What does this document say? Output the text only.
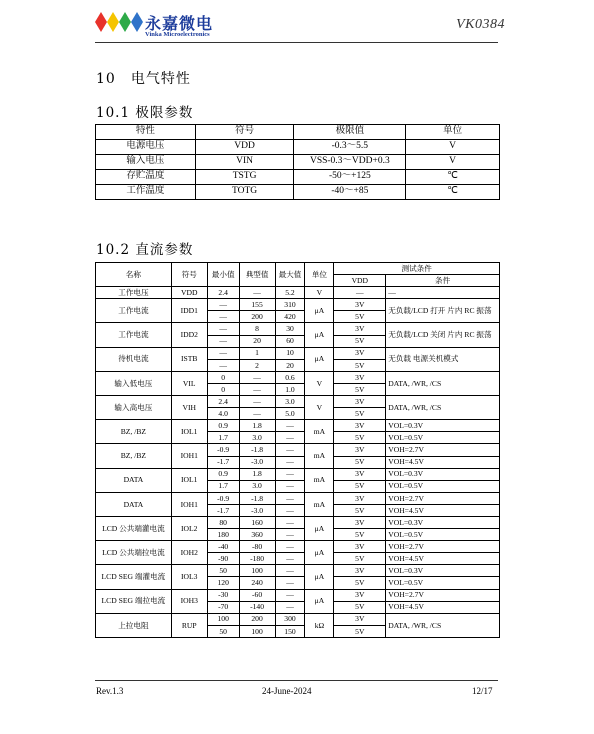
永嘉微电
Vinka Microelectronics
VK0384
10　电气特性
10.1 极限参数
特性	符号	极限值	单位
电源电压	VDD	-0.3～5.5	V
输入电压	VIN	VSS-0.3～VDD+0.3	V
存贮温度	TSTG	-50～+125	℃
工作温度	TOTG	-40～+85	℃
10.2 直流参数
名称	符号	最小值	典型值	最大值	单位	测试条件	
						VDD	条件
工作电压	VDD	2.4	—	5.2	V	—	—
工作电流	IDD1	—	155	310	μA	3V	无负载/LCD 打开 片内 RC 振荡
		—	200	420		5V	
工作电流	IDD2	—	8	30	μA	3V	无负载/LCD 关闭 片内 RC 振荡
		—	20	60		5V	
待机电流	ISTB	—	1	10	μA	3V	无负载 电源关机模式
		—	2	20		5V	
输入低电压	VIL	0	—	0.6	V	3V	DATA, /WR, /CS
		0	—	1.0		5V	
输入高电压	VIH	2.4	—	3.0	V	3V	DATA, /WR, /CS
		4.0	—	5.0		5V	
BZ, /BZ	IOL1	0.9	1.8	—	mA	3V	VOL=0.3V
		1.7	3.0	—		5V	VOL=0.5V
BZ, /BZ	IOH1	-0.9	-1.8	—	mA	3V	VOH=2.7V
		-1.7	-3.0	—		5V	VOH=4.5V
DATA	IOL1	0.9	1.8	—	mA	3V	VOL=0.3V
		1.7	3.0	—		5V	VOL=0.5V
DATA	IOH1	-0.9	-1.8	—	mA	3V	VOH=2.7V
		-1.7	-3.0	—		5V	VOH=4.5V
LCD 公共端灌电流	IOL2	80	160	—	μA	3V	VOL=0.3V
		180	360	—		5V	VOL=0.5V
LCD 公共端拉电流	IOH2	-40	-80	—	μA	3V	VOH=2.7V
		-90	-180	—		5V	VOH=4.5V
LCD SEG 端灌电流	IOL3	50	100	—	μA	3V	VOL=0.3V
		120	240	—		5V	VOL=0.5V
LCD SEG 端拉电流	IOH3	-30	-60	—	μA	3V	VOH=2.7V
		-70	-140	—		5V	VOH=4.5V
上拉电阻	RUP	100	200	300	kΩ	3V	DATA, /WR, /CS
		50	100	150		5V	
Rev.1.3	24-June-2024	12/17
